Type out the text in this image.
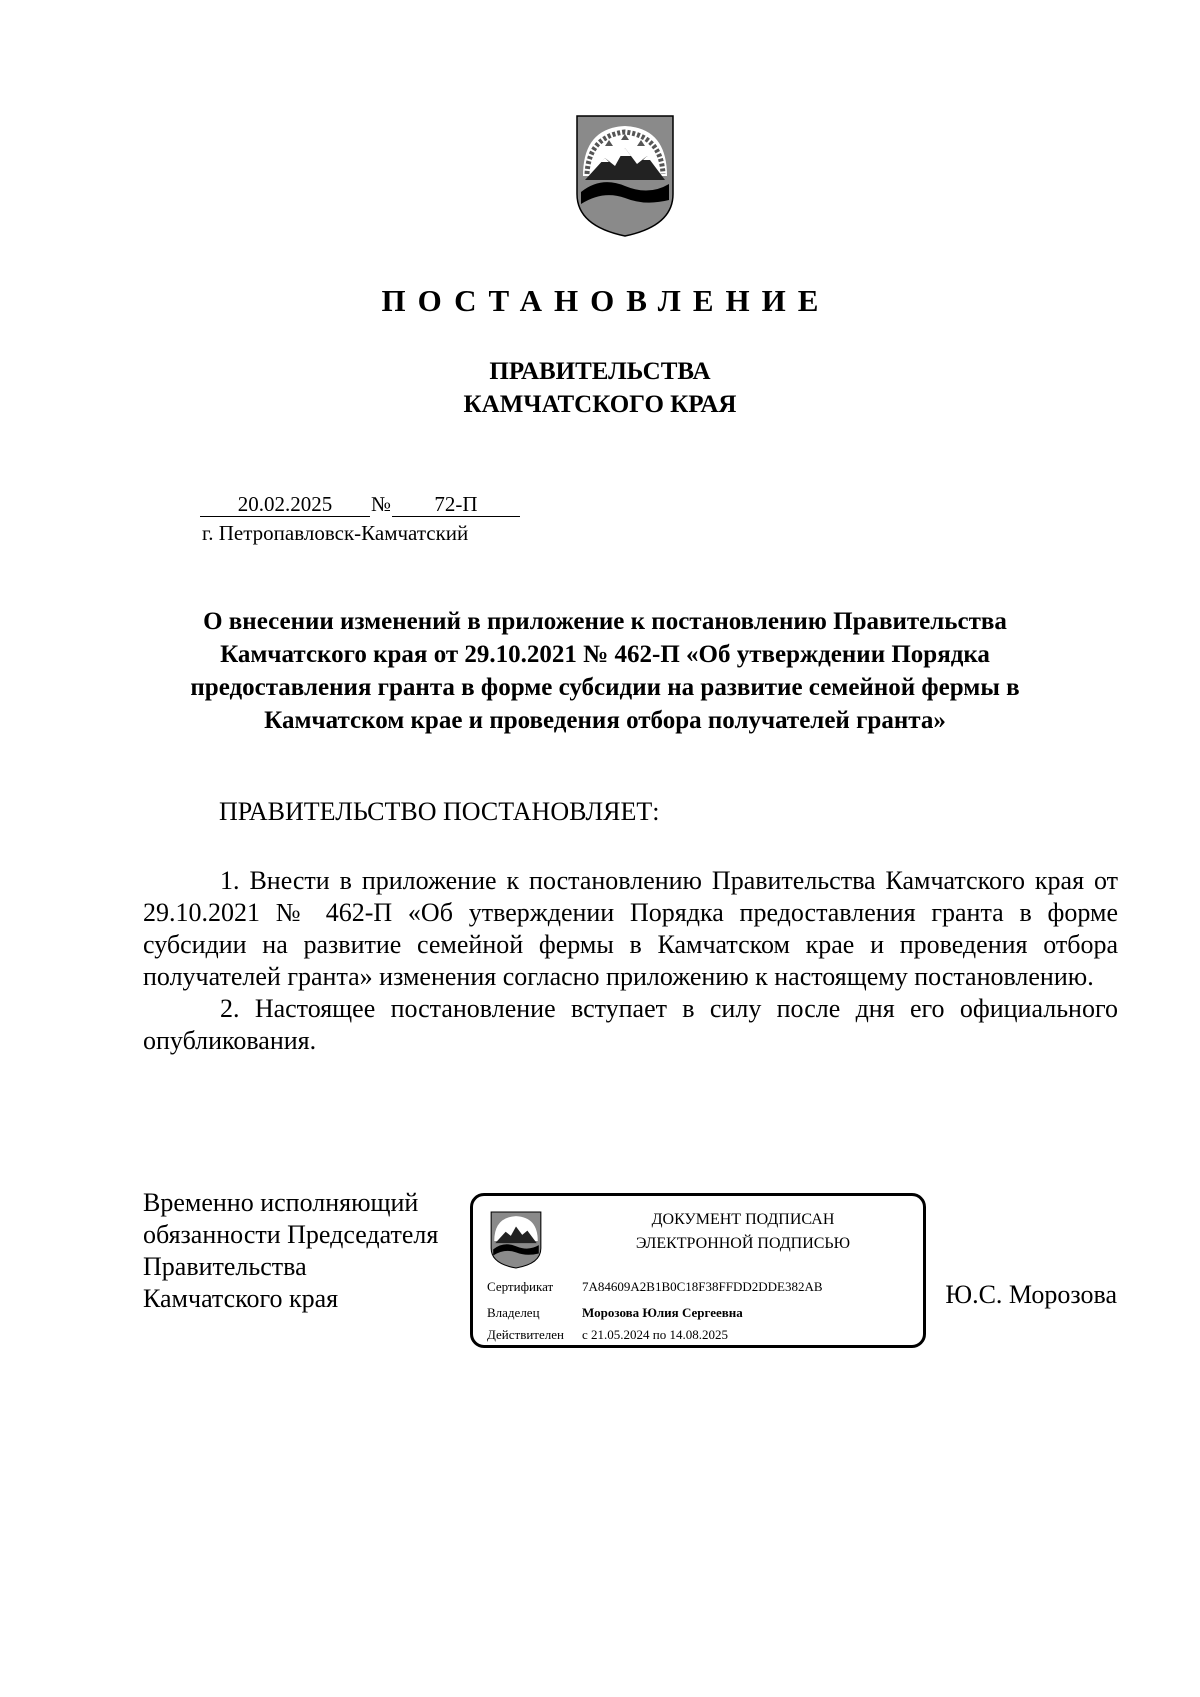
ПОСТАНОВЛЕНИЕ
ПРАВИТЕЛЬСТВА
КАМЧАТСКОГО КРАЯ
20.02.2025 № 72-П
г. Петропавловск-Камчатский
О внесении изменений в приложение к постановлению Правительства Камчатского края от 29.10.2021 № 462-П «Об утверждении Порядка предоставления гранта в форме субсидии на развитие семейной фермы в Камчатском крае и проведения отбора получателей гранта»
ПРАВИТЕЛЬСТВО ПОСТАНОВЛЯЕТ:

1. Внести в приложение к постановлению Правительства Камчатского края от 29.10.2021 № 462-П «Об утверждении Порядка предоставления гранта в форме субсидии на развитие семейной фермы в Камчатском крае и проведения отбора получателей гранта» изменения согласно приложению к настоящему постановлению.

2. Настоящее постановление вступает в силу после дня его официального опубликования.

Временно исполняющий
обязанности Председателя
Правительства
Камчатского края
ДОКУМЕНТ ПОДПИСАН
ЭЛЕКТРОННОЙ ПОДПИСЬЮ
Сертификат 7A84609A2B1B0C18F38FFDD2DDE382AB
Владелец	Морозова Юлия Сергеевна
Действителен с 21.05.2024 по 14.08.2025
Ю.С. Морозова
